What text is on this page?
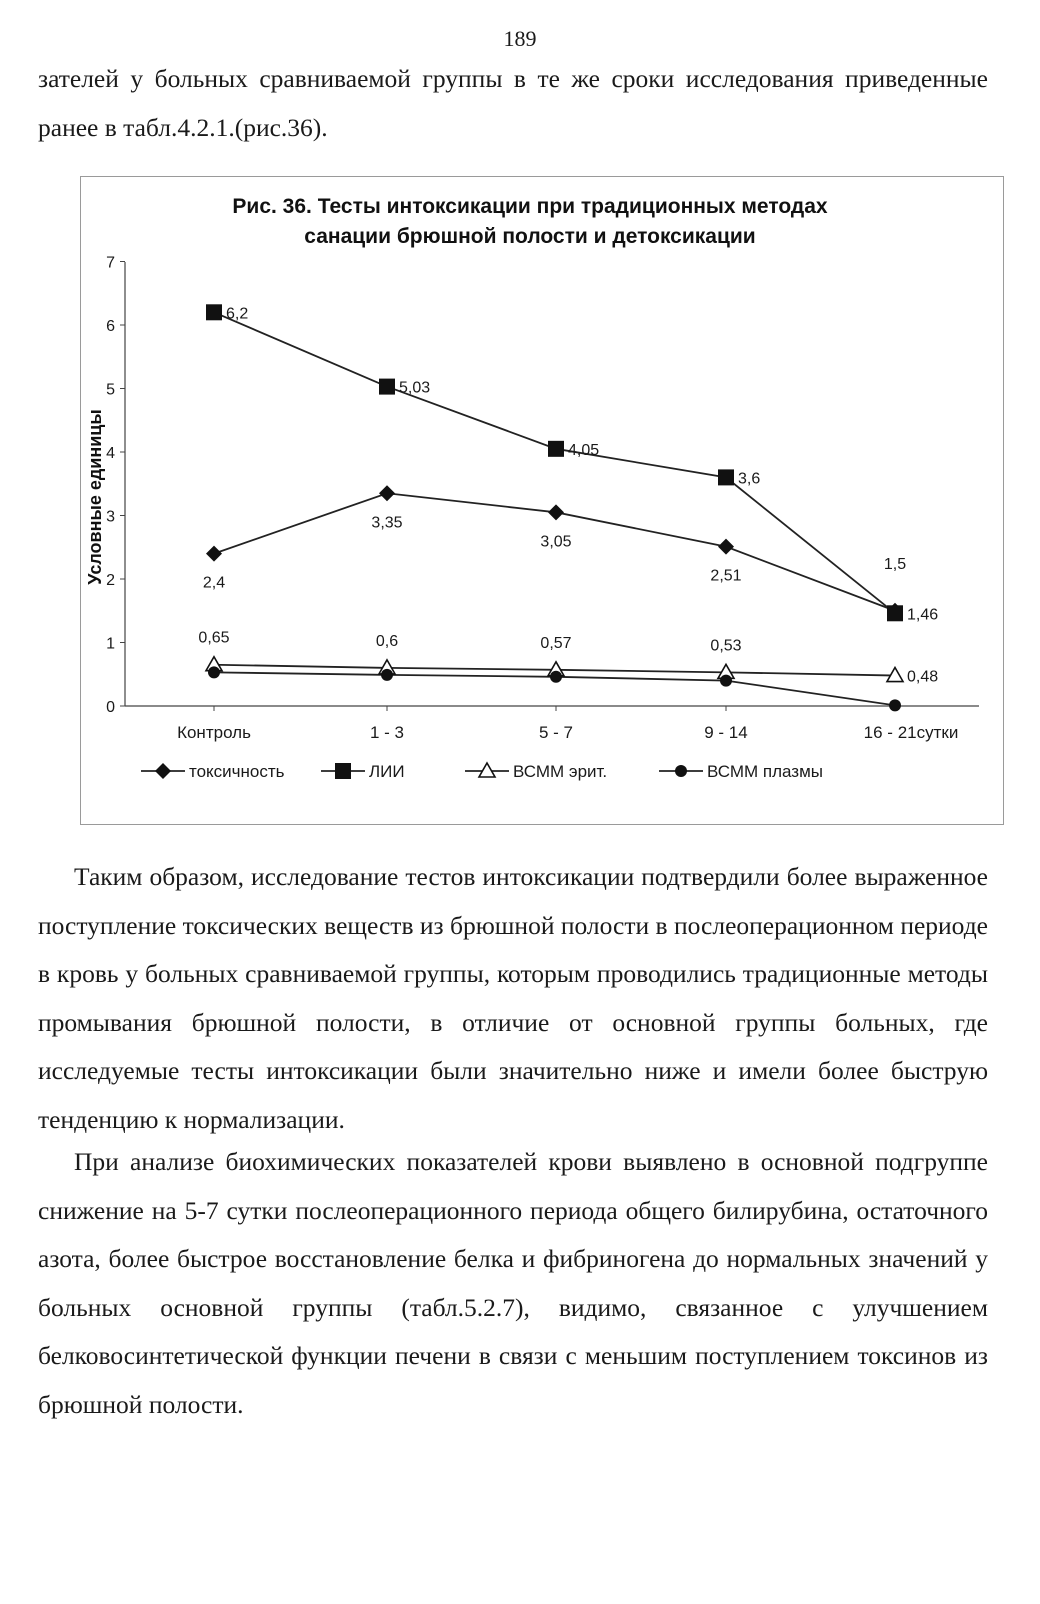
189

зателей у больных сравниваемой группы в те же сроки исследования приведенные ранее в табл.4.2.1.(рис.36).

Рис. 36. Тесты интоксикации при традиционных методах
санации брюшной полости и детоксикации
Условные единицы
0
1
2
3
4
5
6
7
Контроль	1 - 3	5 - 7	9 - 14	16 - 21сутки
2,4
3,35
3,05
2,51
1,5
6,2
5,03
4,05
3,6
1,46
0,65	0,6	0,57	0,53
0,48
токсичность	ЛИИ	ВСММ эрит.	ВСММ плазмы

Таким образом, исследование тестов интоксикации подтвердили более выраженное поступление токсических веществ из брюшной полости в послеоперационном периоде в кровь у больных сравниваемой группы, которым проводились традиционные методы промывания брюшной полости, в отличие от основной группы больных, где исследуемые тесты интоксикации были значительно ниже и имели более быструю тенденцию к нормализации.

При анализе биохимических показателей крови выявлено в основной подгруппе снижение на 5-7 сутки послеоперационного периода общего билирубина, остаточного азота, более быстрое восстановление белка и фибриногена до нормальных значений у больных основной группы (табл.5.2.7), видимо, связанное с улучшением белковосинтетической функции печени в связи с меньшим поступлением токсинов из брюшной полости.
